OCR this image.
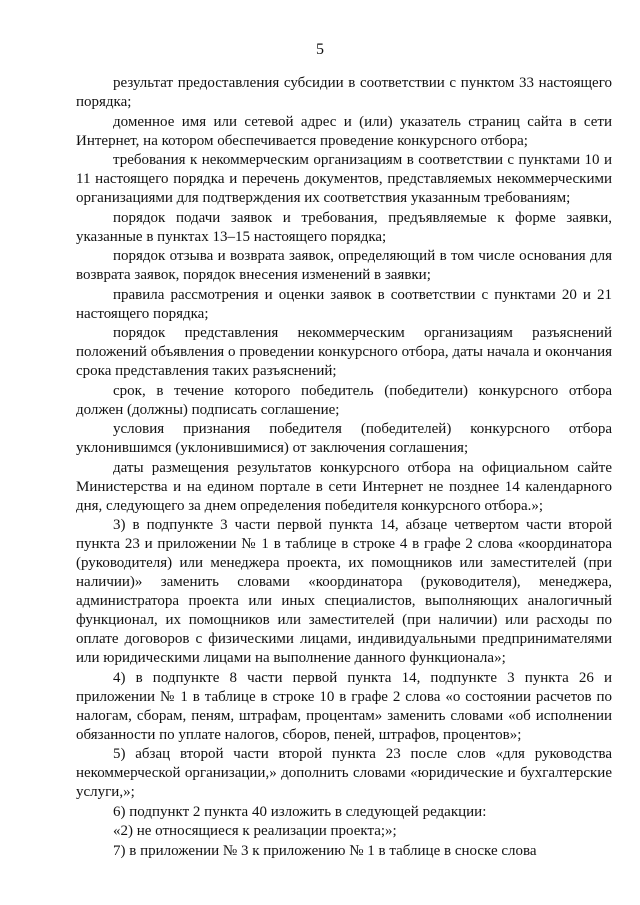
5

результат предоставления субсидии в соответствии с пунктом 33 настоящего порядка;

доменное имя или сетевой адрес и (или) указатель страниц сайта в сети Интернет, на котором обеспечивается проведение конкурсного отбора;

требования к некоммерческим организациям в соответствии с пунктами 10 и 11 настоящего порядка и перечень документов, представляемых некоммерческими организациями для подтверждения их соответствия указанным требованиям;

порядок подачи заявок и требования, предъявляемые к форме заявки, указанные в пунктах 13–15 настоящего порядка;

порядок отзыва и возврата заявок, определяющий в том числе основания для возврата заявок, порядок внесения изменений в заявки;

правила рассмотрения и оценки заявок в соответствии с пунктами 20 и 21 настоящего порядка;

порядок представления некоммерческим организациям разъяснений положений объявления о проведении конкурсного отбора, даты начала и окончания срока представления таких разъяснений;

срок, в течение которого победитель (победители) конкурсного отбора должен (должны) подписать соглашение;

условия признания победителя (победителей) конкурсного отбора уклонившимся (уклонившимися) от заключения соглашения;

даты размещения результатов конкурсного отбора на официальном сайте Министерства и на едином портале в сети Интернет не позднее 14 календарного дня, следующего за днем определения победителя конкурсного отбора.»;

3) в подпункте 3 части первой пункта 14, абзаце четвертом части второй пункта 23 и приложении № 1 в таблице в строке 4 в графе 2 слова «координатора (руководителя) или менеджера проекта, их помощников или заместителей (при наличии)» заменить словами «координатора (руководителя), менеджера, администратора проекта или иных специалистов, выполняющих аналогичный функционал, их помощников или заместителей (при наличии) или расходы по оплате договоров с физическими лицами, индивидуальными предпринимателями или юридическими лицами на выполнение данного функционала»;

4) в подпункте 8 части первой пункта 14, подпункте 3 пункта 26 и приложении № 1 в таблице в строке 10 в графе 2 слова «о состоянии расчетов по налогам, сборам, пеням, штрафам, процентам» заменить словами «об исполнении обязанности по уплате налогов, сборов, пеней, штрафов, процентов»;

5) абзац второй части второй пункта 23 после слов «для руководства некоммерческой организации,» дополнить словами «юридические и бухгалтерские услуги,»;

6) подпункт 2 пункта 40 изложить в следующей редакции:

«2) не относящиеся к реализации проекта;»;

7) в приложении № 3 к приложению № 1 в таблице в сноске слова
